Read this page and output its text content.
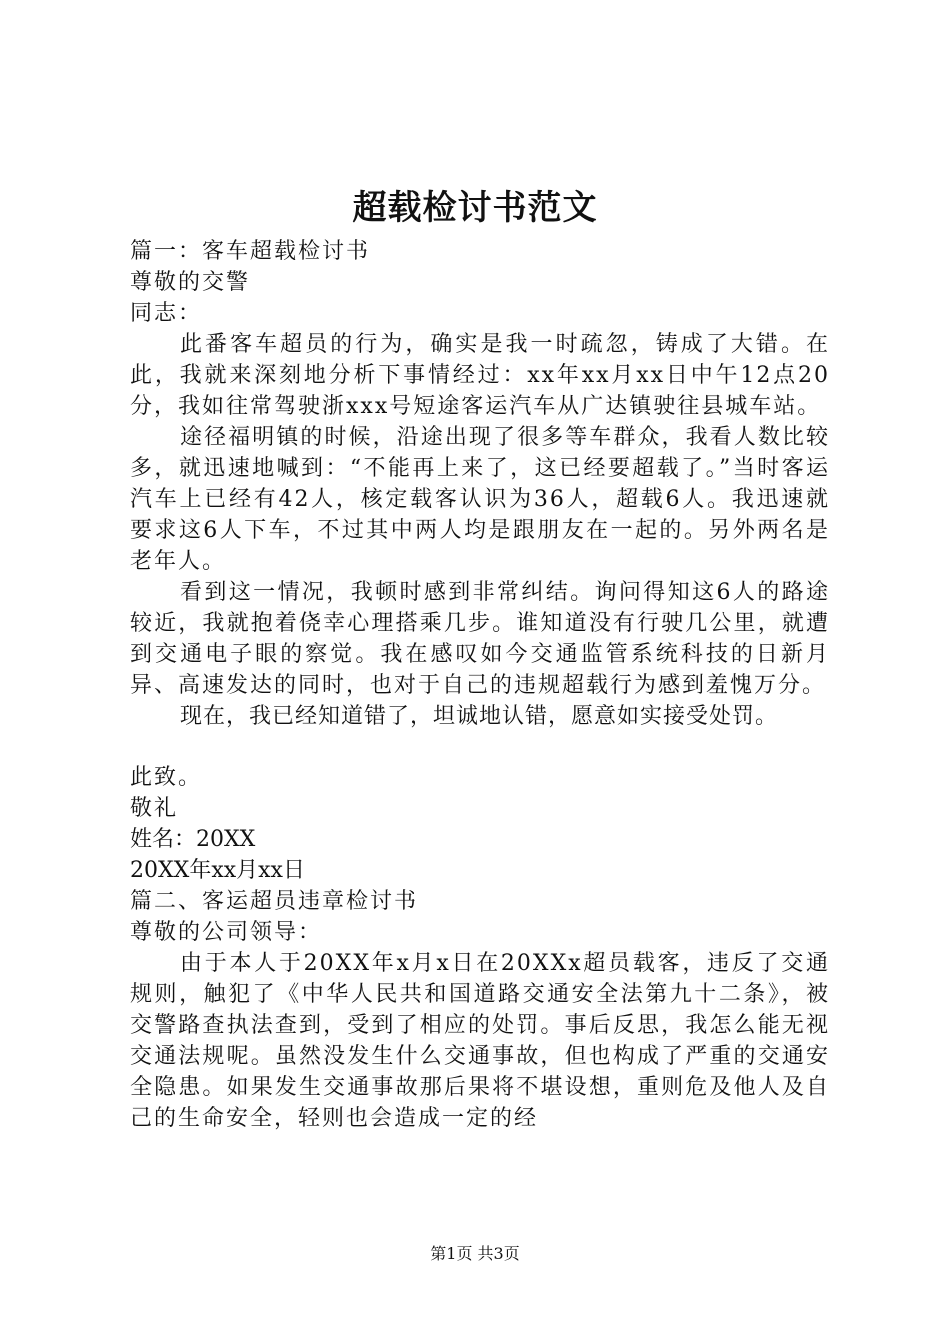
超载检讨书范文

篇一：客车超载检讨书

尊敬的交警

同志：

此番客车超员的行为，确实是我一时疏忽，铸成了大错。在此，我就来深刻地分析下事情经过：xx年xx月xx日中午12点20分，我如往常驾驶浙xxx号短途客运汽车从广达镇驶往县城车站。

途径福明镇的时候，沿途出现了很多等车群众，我看人数比较多，就迅速地喊到：“不能再上来了，这已经要超载了。”当时客运汽车上已经有42人，核定载客认识为36人，超载6人。我迅速就要求这6人下车，不过其中两人均是跟朋友在一起的。另外两名是老年人。

看到这一情况，我顿时感到非常纠结。询问得知这6人的路途较近，我就抱着侥幸心理搭乘几步。谁知道没有行驶几公里，就遭到交通电子眼的察觉。我在感叹如今交通监管系统科技的日新月异、高速发达的同时，也对于自己的违规超载行为感到羞愧万分。

现在，我已经知道错了，坦诚地认错，愿意如实接受处罚。

此致。

敬礼

姓名：20XX

20XX年xx月xx日

篇二、客运超员违章检讨书

尊敬的公司领导：

由于本人于20XX年x月x日在20XXx超员载客，违反了交通规则，触犯了《中华人民共和国道路交通安全法第九十二条》，被交警路查执法查到，受到了相应的处罚。事后反思，我怎么能无视交通法规呢。虽然没发生什么交通事故，但也构成了严重的交通安全隐患。如果发生交通事故那后果将不堪设想，重则危及他人及自己的生命安全，轻则也会造成一定的经

第1页 共3页
